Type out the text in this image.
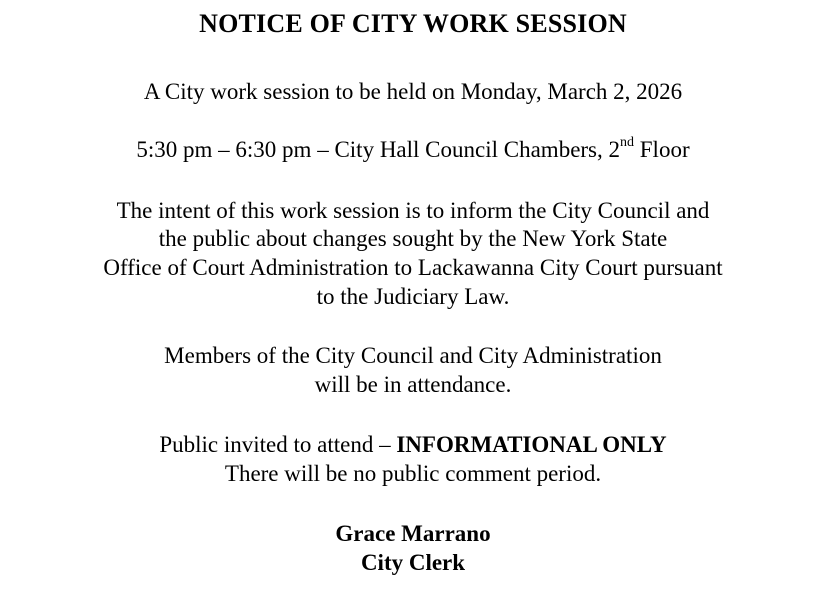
NOTICE OF CITY WORK SESSION
A City work session to be held on Monday, March 2, 2026
5:30 pm – 6:30 pm – City Hall Council Chambers, 2nd Floor
The intent of this work session is to inform the City Council and
the public about changes sought by the New York State
Office of Court Administration to Lackawanna City Court pursuant
to the Judiciary Law.
Members of the City Council and City Administration
will be in attendance.
Public invited to attend – INFORMATIONAL ONLY
There will be no public comment period.
Grace Marrano
City Clerk
